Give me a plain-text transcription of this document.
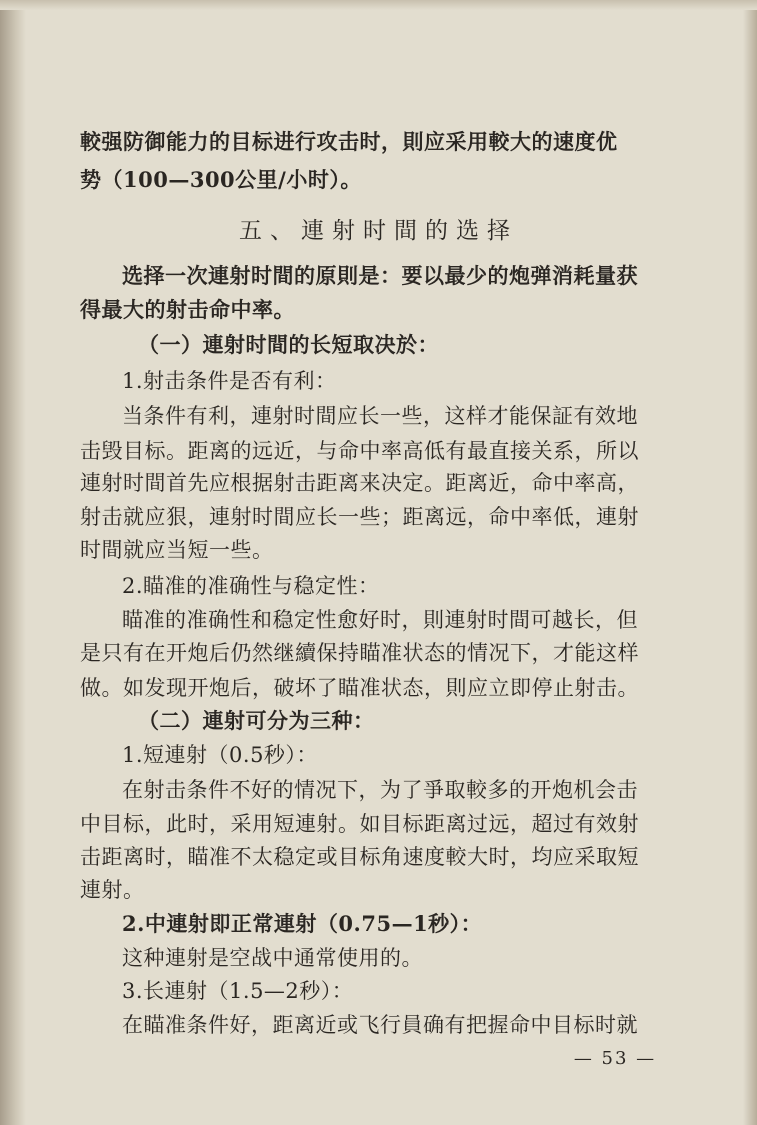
較强防御能力的目标进行攻击时，則应采用較大的速度优
势（100—300公里/小时）。
五、連射时間的选择
选择一次連射时間的原則是：要以最少的炮弹消耗量获
得最大的射击命中率。
（一）連射时間的长短取决於：
1.射击条件是否有利：
当条件有利，連射时間应长一些，这样才能保証有效地
击毁目标。距离的远近，与命中率高低有最直接关系，所以
連射时間首先应根据射击距离来决定。距离近，命中率高，
射击就应狠，連射时間应长一些；距离远，命中率低，連射
时間就应当短一些。
2.瞄准的准确性与稳定性：
瞄准的准确性和稳定性愈好时，則連射时間可越长，但
是只有在开炮后仍然继續保持瞄准状态的情况下，才能这样
做。如发现开炮后，破坏了瞄准状态，則应立即停止射击。
（二）連射可分为三种：
1.短連射（0.5秒）：
在射击条件不好的情况下，为了爭取較多的开炮机会击
中目标，此时，采用短連射。如目标距离过远，超过有效射
击距离时，瞄准不太稳定或目标角速度較大时，均应采取短
連射。
2.中連射即正常連射（0.75—1秒）：
这种連射是空战中通常使用的。
3.长連射（1.5—2秒）：
在瞄准条件好，距离近或飞行員确有把握命中目标时就
— 53 —
